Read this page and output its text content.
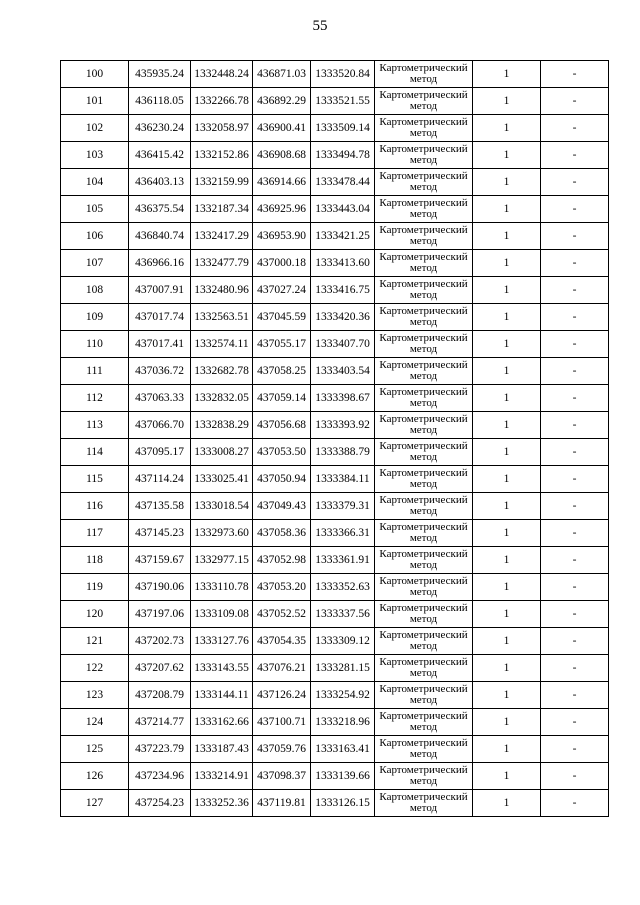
55
100	435935.24	1332448.24	436871.03	1333520.84	Картометрический метод	1	-
101	436118.05	1332266.78	436892.29	1333521.55	Картометрический метод	1	-
102	436230.24	1332058.97	436900.41	1333509.14	Картометрический метод	1	-
103	436415.42	1332152.86	436908.68	1333494.78	Картометрический метод	1	-
104	436403.13	1332159.99	436914.66	1333478.44	Картометрический метод	1	-
105	436375.54	1332187.34	436925.96	1333443.04	Картометрический метод	1	-
106	436840.74	1332417.29	436953.90	1333421.25	Картометрический метод	1	-
107	436966.16	1332477.79	437000.18	1333413.60	Картометрический метод	1	-
108	437007.91	1332480.96	437027.24	1333416.75	Картометрический метод	1	-
109	437017.74	1332563.51	437045.59	1333420.36	Картометрический метод	1	-
110	437017.41	1332574.11	437055.17	1333407.70	Картометрический метод	1	-
111	437036.72	1332682.78	437058.25	1333403.54	Картометрический метод	1	-
112	437063.33	1332832.05	437059.14	1333398.67	Картометрический метод	1	-
113	437066.70	1332838.29	437056.68	1333393.92	Картометрический метод	1	-
114	437095.17	1333008.27	437053.50	1333388.79	Картометрический метод	1	-
115	437114.24	1333025.41	437050.94	1333384.11	Картометрический метод	1	-
116	437135.58	1333018.54	437049.43	1333379.31	Картометрический метод	1	-
117	437145.23	1332973.60	437058.36	1333366.31	Картометрический метод	1	-
118	437159.67	1332977.15	437052.98	1333361.91	Картометрический метод	1	-
119	437190.06	1333110.78	437053.20	1333352.63	Картометрический метод	1	-
120	437197.06	1333109.08	437052.52	1333337.56	Картометрический метод	1	-
121	437202.73	1333127.76	437054.35	1333309.12	Картометрический метод	1	-
122	437207.62	1333143.55	437076.21	1333281.15	Картометрический метод	1	-
123	437208.79	1333144.11	437126.24	1333254.92	Картометрический метод	1	-
124	437214.77	1333162.66	437100.71	1333218.96	Картометрический метод	1	-
125	437223.79	1333187.43	437059.76	1333163.41	Картометрический метод	1	-
126	437234.96	1333214.91	437098.37	1333139.66	Картометрический метод	1	-
127	437254.23	1333252.36	437119.81	1333126.15	Картометрический метод	1	-
